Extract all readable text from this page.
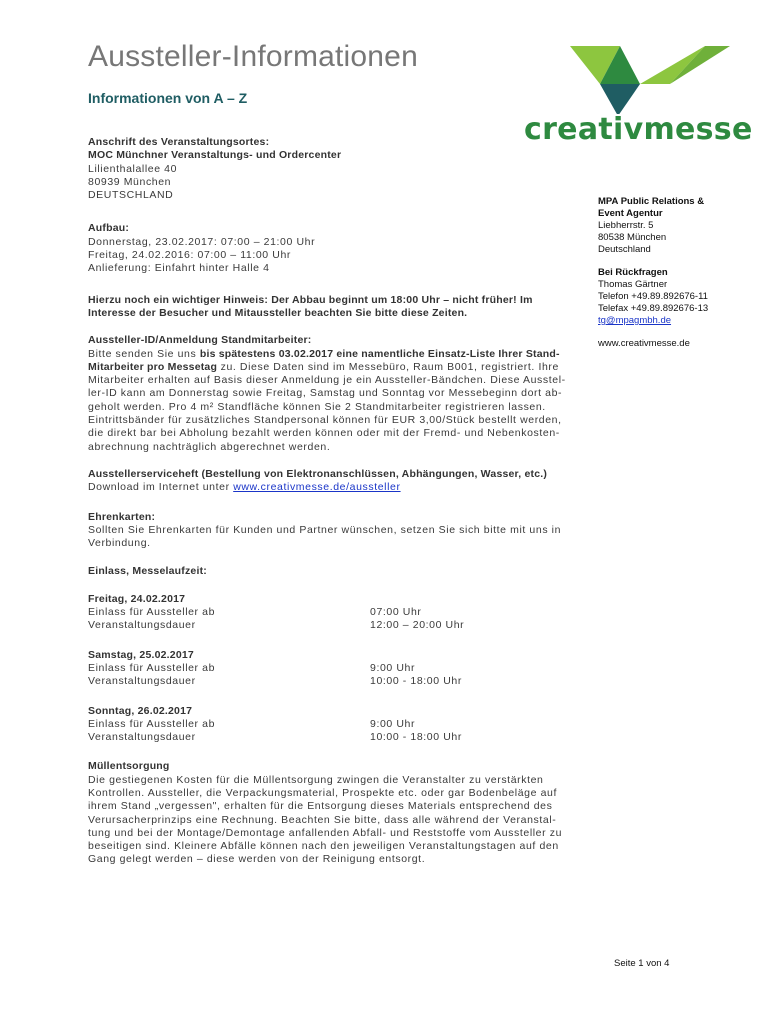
Aussteller-Informationen
Informationen von A – Z
creativmesse

Anschrift des Veranstaltungsortes:

MOC Münchner Veranstaltungs- und Ordercenter

Lilienthalallee 40

80939 München

DEUTSCHLAND

Aufbau:

Donnerstag, 23.02.2017: 07:00 – 21:00 Uhr

Freitag, 24.02.2016: 07:00 – 11:00 Uhr

Anlieferung: Einfahrt hinter Halle 4

Hierzu noch ein wichtiger Hinweis: Der Abbau beginnt um 18:00 Uhr – nicht früher! Im

Interesse der Besucher und Mitaussteller beachten Sie bitte diese Zeiten.

Aussteller-ID/Anmeldung Standmitarbeiter:

Bitte senden Sie uns bis spätestens 03.02.2017 eine namentliche Einsatz-Liste Ihrer Stand-

Mitarbeiter pro Messetag zu. Diese Daten sind im Messebüro, Raum B001, registriert. Ihre

Mitarbeiter erhalten auf Basis dieser Anmeldung je ein Aussteller-Bändchen. Diese Ausstel-

ler-ID kann am Donnerstag sowie Freitag, Samstag und Sonntag vor Messebeginn dort ab-

geholt werden. Pro 4 m² Standfläche können Sie 2 Standmitarbeiter registrieren lassen.

Eintrittsbänder für zusätzliches Standpersonal können für EUR 3,00/Stück bestellt werden,

die direkt bar bei Abholung bezahlt werden können oder mit der Fremd- und Nebenkosten-

abrechnung nachträglich abgerechnet werden.

Ausstellerserviceheft (Bestellung von Elektronanschlüssen, Abhängungen, Wasser, etc.)

Download im Internet unter www.creativmesse.de/aussteller

Ehrenkarten:

Sollten Sie Ehrenkarten für Kunden und Partner wünschen, setzen Sie sich bitte mit uns in

Verbindung.

Einlass, Messelaufzeit:

Freitag, 24.02.2017

Einlass für Aussteller ab	07:00 Uhr
Veranstaltungsdauer	12:00 – 20:00 Uhr

Samstag, 25.02.2017

Einlass für Aussteller ab	9:00 Uhr
Veranstaltungsdauer	10:00 - 18:00 Uhr

Sonntag, 26.02.2017

Einlass für Aussteller ab	9:00 Uhr
Veranstaltungsdauer	10:00 - 18:00 Uhr

Müllentsorgung

Die gestiegenen Kosten für die Müllentsorgung zwingen die Veranstalter zu verstärkten

Kontrollen. Aussteller, die Verpackungsmaterial, Prospekte etc. oder gar Bodenbeläge auf

ihrem Stand „vergessen", erhalten für die Entsorgung dieses Materials entsprechend des

Verursacherprinzips eine Rechnung. Beachten Sie bitte, dass alle während der Veranstal-

tung und bei der Montage/Demontage anfallenden Abfall- und Reststoffe vom Aussteller zu

beseitigen sind. Kleinere Abfälle können nach den jeweiligen Veranstaltungstagen auf den

Gang gelegt werden – diese werden von der Reinigung entsorgt.

MPA Public Relations &

Event Agentur

Liebherrstr. 5

80538 München

Deutschland

Bei Rückfragen

Thomas Gärtner

Telefon +49.89.892676-11

Telefax +49.89.892676-13

tg@mpagmbh.de

www.creativmesse.de

Seite 1 von 4
